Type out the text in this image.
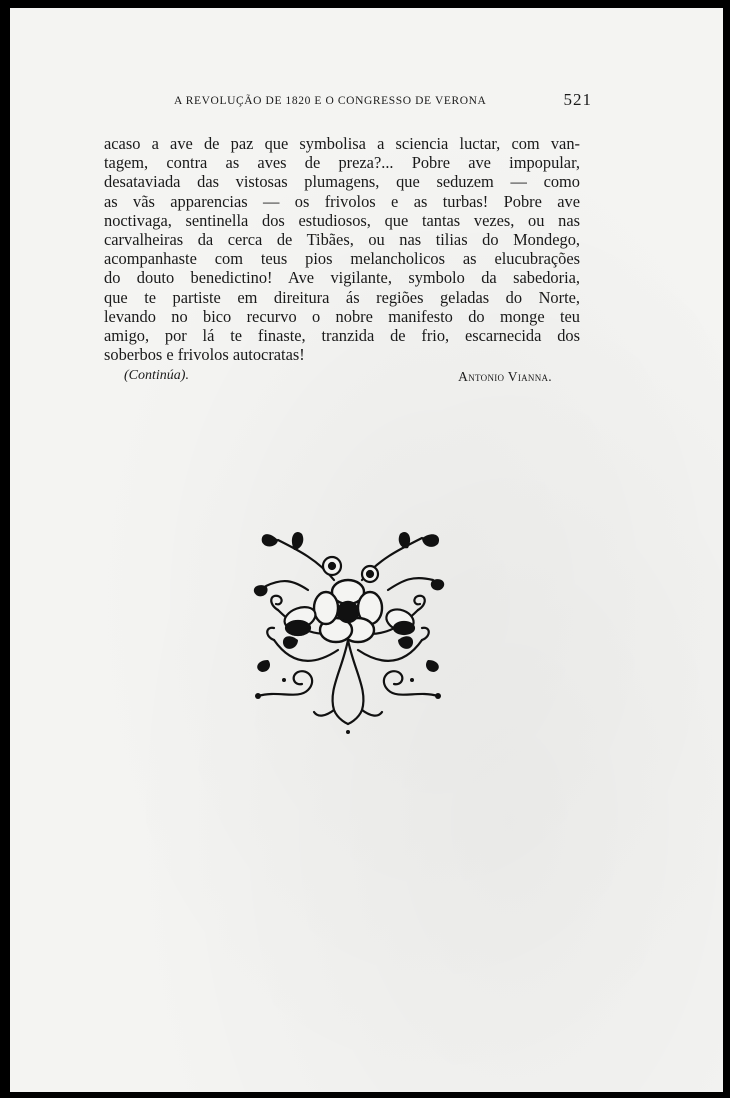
A REVOLUÇÃO DE 1820 E O CONGRESSO DE VERONA	521

acaso a ave de paz que symbolisa a sciencia luctar, com van-
tagem, contra as aves de preza?... Pobre ave impopular,
desataviada das vistosas plumagens, que seduzem — como
as vãs apparencias — os frivolos e as turbas! Pobre ave
noctivaga, sentinella dos estudiosos, que tantas vezes, ou nas
carvalheiras da cerca de Tibães, ou nas tilias do Mondego,
acompanhaste com teus pios melancholicos as elucubrações
do douto benedictino! Ave vigilante, symbolo da sabedoria,
que te partiste em direitura ás regiões geladas do Norte,
levando no bico recurvo o nobre manifesto do monge teu
amigo, por lá te finaste, tranzida de frio, escarnecida dos
soberbos e frivolos autocratas!

(Continúa).	Antonio Vianna.
